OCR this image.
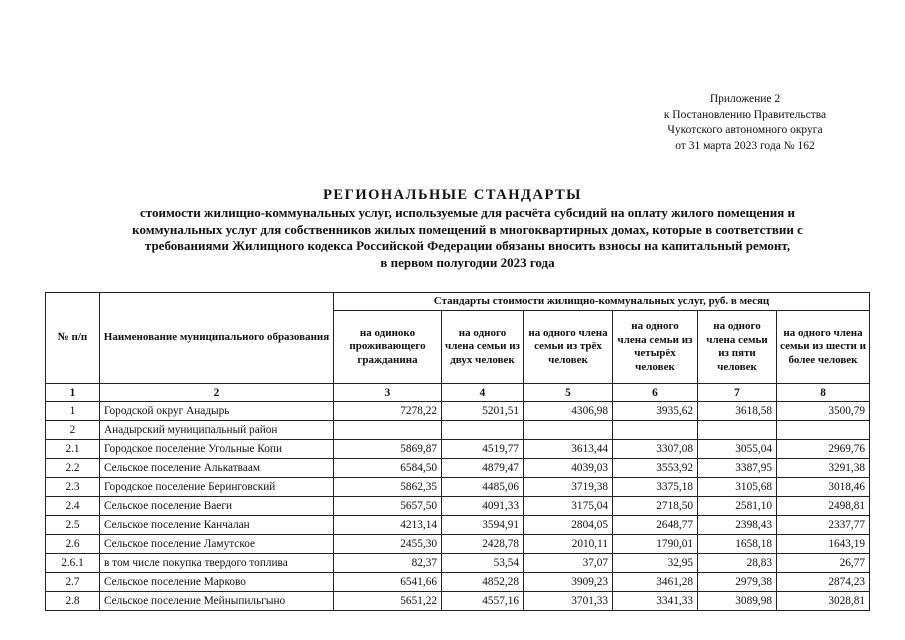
Приложение 2
к Постановлению Правительства
Чукотского автономного округа
от 31 марта 2023 года № 162
РЕГИОНАЛЬНЫЕ СТАНДАРТЫ
стоимости жилищно-коммунальных услуг, используемые для расчёта субсидий на оплату жилого помещения и
коммунальных услуг для собственников жилых помещений в многоквартирных домах, которые в соответствии с
требованиями Жилищного кодекса Российской Федерации обязаны вносить взносы на капитальный ремонт,
в первом полугодии 2023 года
№ п/п	Наименование муниципального образования	Стандарты стоимости жилищно-коммунальных услуг, руб. в месяц					
		на одиноко проживающего гражданина	на одного члена семьи из двух человек	на одного члена семьи из трёх человек	на одного члена семьи из четырёх человек	на одного члена семьи из пяти человек	на одного члена семьи из шести и более человек
1	2	3	4	5	6	7	8
1	Городской округ Анадырь	7278,22	5201,51	4306,98	3935,62	3618,58	3500,79
2	Анадырский муниципальный район						
2.1	Городское поселение Угольные Копи	5869,87	4519,77	3613,44	3307,08	3055,04	2969,76
2.2	Сельское поселение Алькатваам	6584,50	4879,47	4039,03	3553,92	3387,95	3291,38
2.3	Городское поселение Беринговский	5862,35	4485,06	3719,38	3375,18	3105,68	3018,46
2.4	Сельское поселение Ваеги	5657,50	4091,33	3175,04	2718,50	2581,10	2498,81
2.5	Сельское поселение Канчалан	4213,14	3594,91	2804,05	2648,77	2398,43	2337,77
2.6	Сельское поселение Ламутское	2455,30	2428,78	2010,11	1790,01	1658,18	1643,19
2.6.1	в том числе покупка твердого топлива	82,37	53,54	37,07	32,95	28,83	26,77
2.7	Сельское поселение Марково	6541,66	4852,28	3909,23	3461,28	2979,38	2874,23
2.8	Сельское поселение Мейныпильгыно	5651,22	4557,16	3701,33	3341,33	3089,98	3028,81
